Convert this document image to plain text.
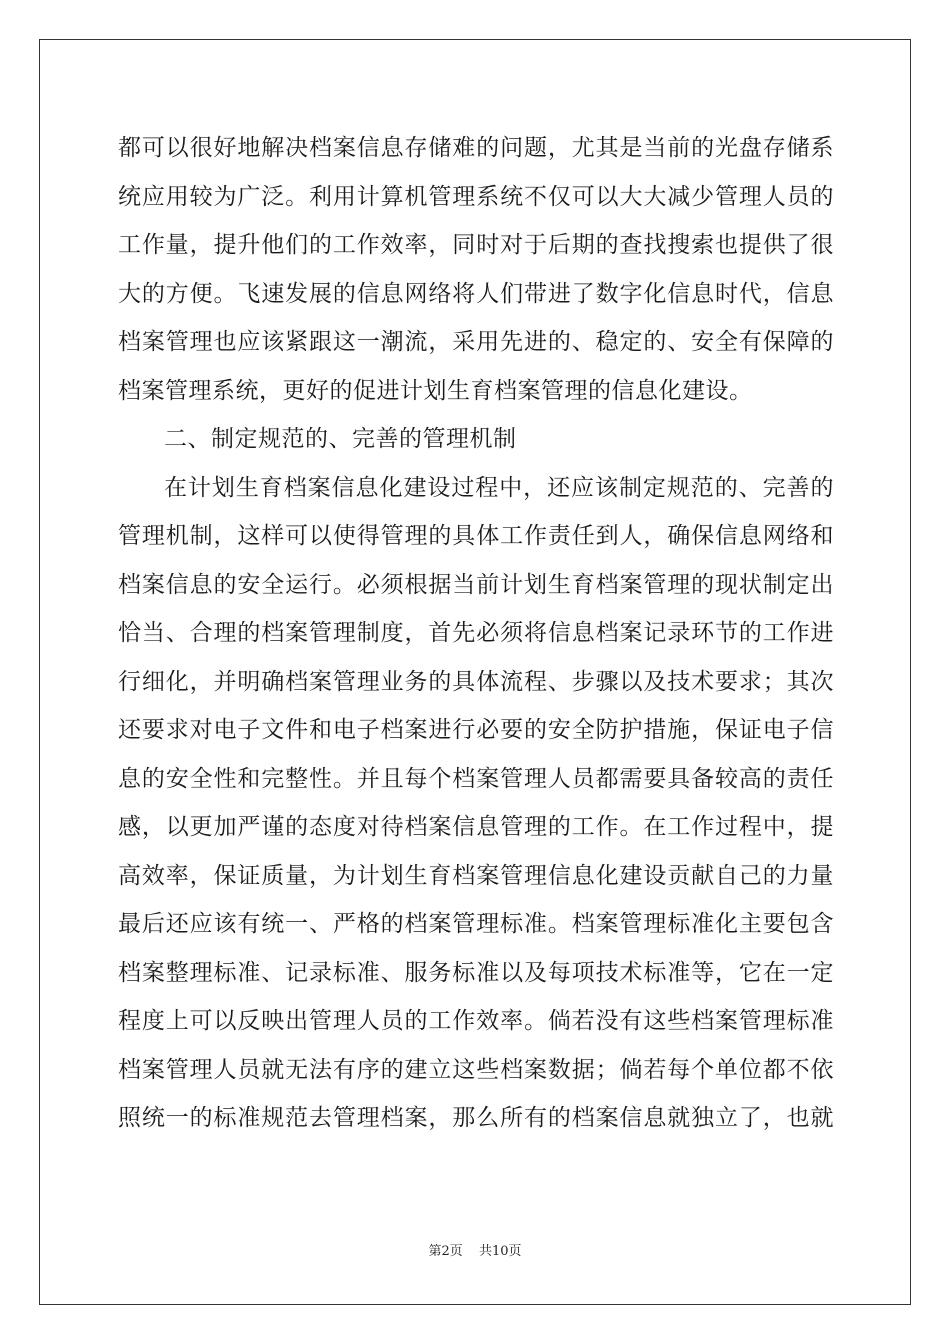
都可以很好地解决档案信息存储难的问题，尤其是当前的光盘存储系
统应用较为广泛。利用计算机管理系统不仅可以大大减少管理人员的
工作量，提升他们的工作效率，同时对于后期的查找搜索也提供了很
大的方便。飞速发展的信息网络将人们带进了数字化信息时代，信息
档案管理也应该紧跟这一潮流，采用先进的、稳定的、安全有保障的
档案管理系统，更好的促进计划生育档案管理的信息化建设。
二、制定规范的、完善的管理机制
在计划生育档案信息化建设过程中，还应该制定规范的、完善的
管理机制，这样可以使得管理的具体工作责任到人，确保信息网络和
档案信息的安全运行。必须根据当前计划生育档案管理的现状制定出
恰当、合理的档案管理制度，首先必须将信息档案记录环节的工作进
行细化，并明确档案管理业务的具体流程、步骤以及技术要求；其次
还要求对电子文件和电子档案进行必要的安全防护措施，保证电子信
息的安全性和完整性。并且每个档案管理人员都需要具备较高的责任
感，以更加严谨的态度对待档案信息管理的工作。在工作过程中，提
高效率，保证质量，为计划生育档案管理信息化建设贡献自己的力量
最后还应该有统一、严格的档案管理标准。档案管理标准化主要包含
档案整理标准、记录标准、服务标准以及每项技术标准等，它在一定
程度上可以反映出管理人员的工作效率。倘若没有这些档案管理标准
档案管理人员就无法有序的建立这些档案数据；倘若每个单位都不依
照统一的标准规范去管理档案，那么所有的档案信息就独立了，也就
第2页 共10页
